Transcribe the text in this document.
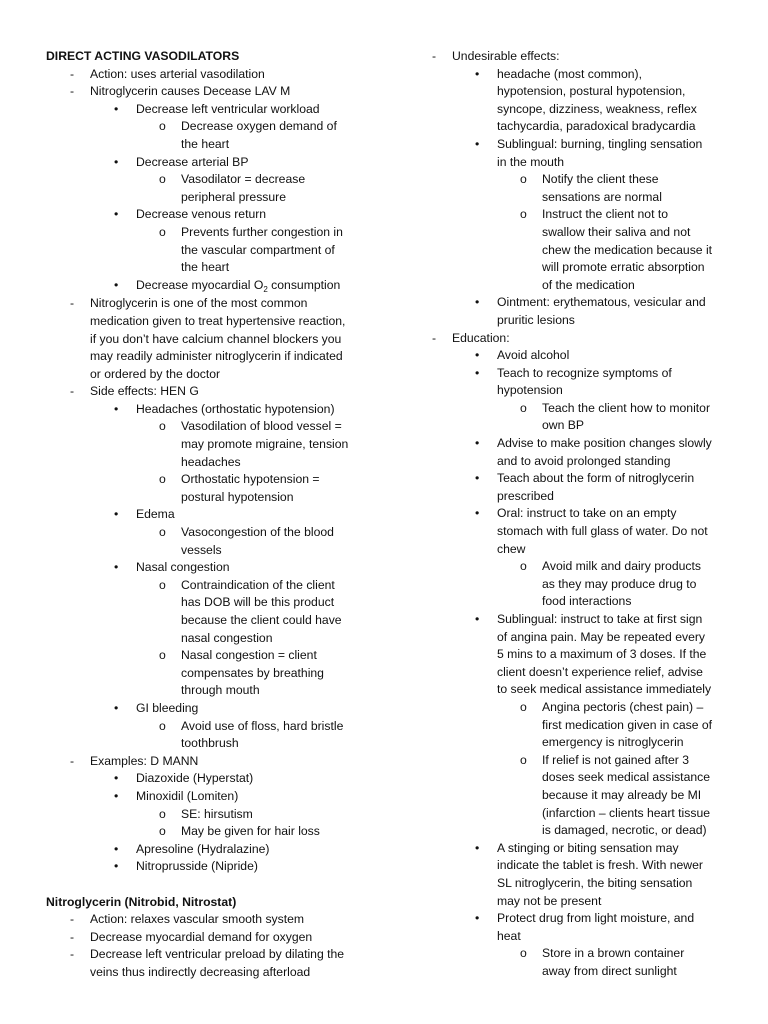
DIRECT ACTING VASODILATORS
- Action: uses arterial vasodilation
- Nitroglycerin causes Decease LAV M
• Decrease left ventricular workload
o Decrease oxygen demand of
the heart
• Decrease arterial BP
o Vasodilator = decrease
peripheral pressure
• Decrease venous return
o Prevents further congestion in
the vascular compartment of
the heart
• Decrease myocardial $O_2$ consumption
- Nitroglycerin is one of the most common
medication given to treat hypertensive reaction,
if you don’t have calcium channel blockers you
may readily administer nitroglycerin if indicated
or ordered by the doctor
- Side effects: HEN G
• Headaches (orthostatic hypotension)
o Vasodilation of blood vessel =
may promote migraine, tension
headaches
o Orthostatic hypotension =
postural hypotension
• Edema
o Vasocongestion of the blood
vessels
• Nasal congestion
o Contraindication of the client
has DOB will be this product
because the client could have
nasal congestion
o Nasal congestion = client
compensates by breathing
through mouth
• GI bleeding
o Avoid use of floss, hard bristle
toothbrush
- Examples: D MANN
• Diazoxide (Hyperstat)
• Minoxidil (Lomiten)
o SE: hirsutism
o May be given for hair loss
• Apresoline (Hydralazine)
• Nitroprusside (Nipride)
Nitroglycerin (Nitrobid, Nitrostat)
- Action: relaxes vascular smooth system
- Decrease myocardial demand for oxygen
- Decrease left ventricular preload by dilating the
veins thus indirectly decreasing afterload
- Undesirable effects:
• headache (most common),
hypotension, postural hypotension,
syncope, dizziness, weakness, reflex
tachycardia, paradoxical bradycardia
• Sublingual: burning, tingling sensation
in the mouth
o Notify the client these
sensations are normal
o Instruct the client not to
swallow their saliva and not
chew the medication because it
will promote erratic absorption
of the medication
• Ointment: erythematous, vesicular and
pruritic lesions
- Education:
• Avoid alcohol
• Teach to recognize symptoms of
hypotension
o Teach the client how to monitor
own BP
• Advise to make position changes slowly
and to avoid prolonged standing
• Teach about the form of nitroglycerin
prescribed
• Oral: instruct to take on an empty
stomach with full glass of water. Do not
chew
o Avoid milk and dairy products
as they may produce drug to
food interactions
• Sublingual: instruct to take at first sign
of angina pain. May be repeated every
5 mins to a maximum of 3 doses. If the
client doesn’t experience relief, advise
to seek medical assistance immediately
o Angina pectoris (chest pain) –
first medication given in case of
emergency is nitroglycerin
o If relief is not gained after 3
doses seek medical assistance
because it may already be MI
(infarction – clients heart tissue
is damaged, necrotic, or dead)
• A stinging or biting sensation may
indicate the tablet is fresh. With newer
SL nitroglycerin, the biting sensation
may not be present
• Protect drug from light moisture, and
heat
o Store in a brown container
away from direct sunlight
